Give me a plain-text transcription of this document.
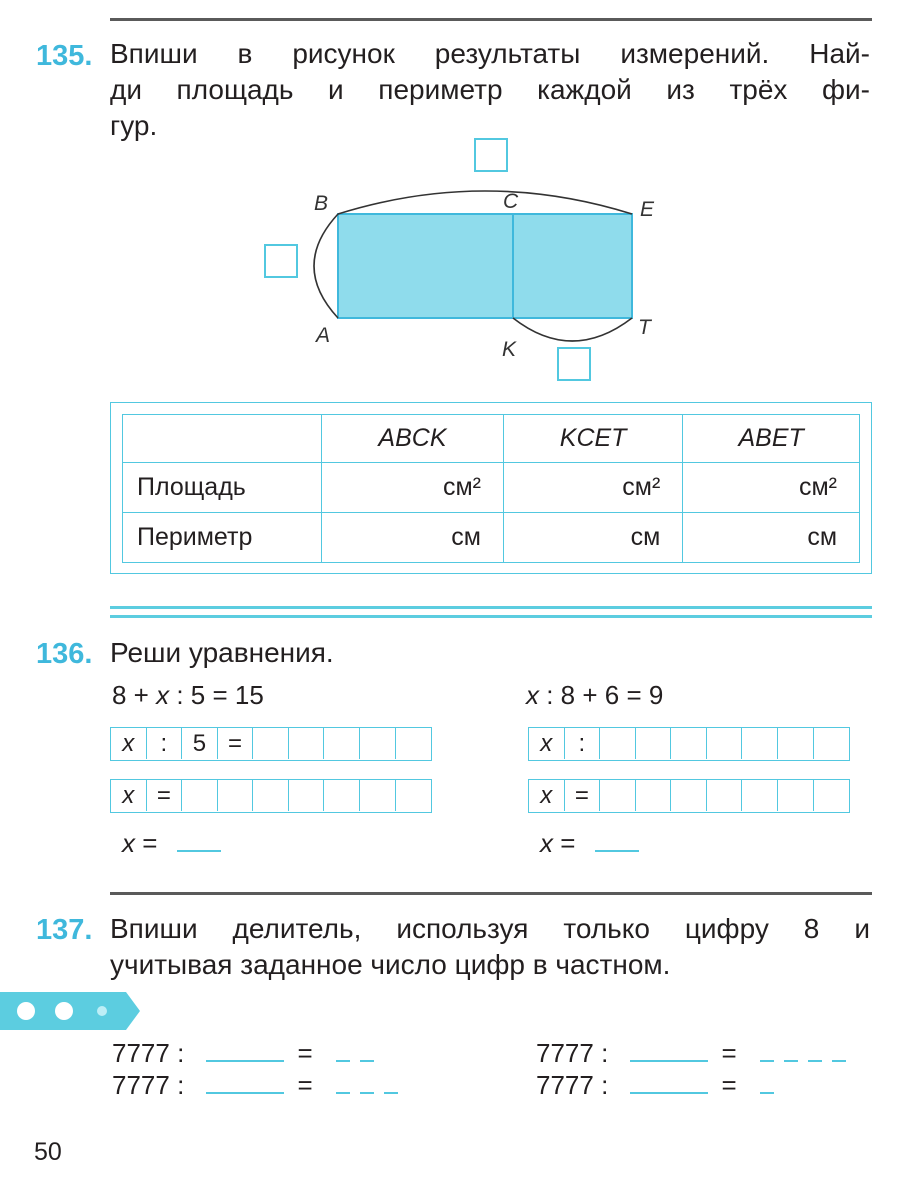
135. Впиши в рисунок результаты измерений. Най-
ди площадь и периметр каждой из трёх фи-
гур.
B	C	E
A
K
T
	ABCK	KCET	ABET
Площадь	см²	см²	см²
Периметр	см	см	см
136. Реши уравнения.
8 + x : 5 = 15	x : 8 + 6 = 9
x	:	5 =
x =
x =
x	:
x =
x =
137. Впиши делитель, используя только цифру 8 и
учитывая заданное число цифр в частном.
7777 :	=
7777 :	=
7777 :	=
7777 :	=
50
